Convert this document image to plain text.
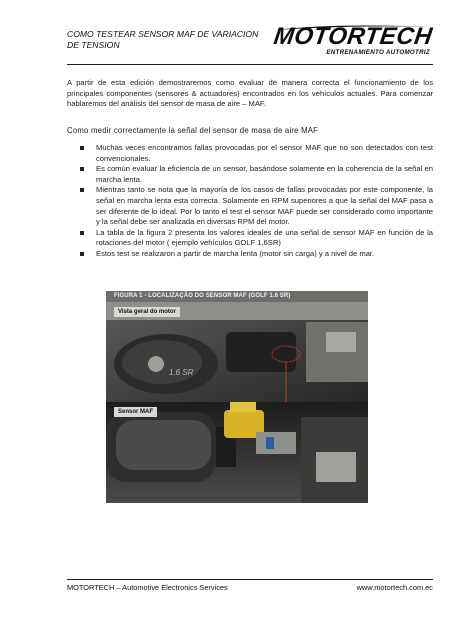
COMO TESTEAR SENSOR MAF DE VARIACION
DE TENSION	MOTORTECH
ENTRENAMIENTO AUTOMOTRIZ

A partir de esta edición demostraremos como evaluar de manera correcta el funcionamiento de los principales componentes (sensores & actuadores) encontrados en los vehículos actuales. Para comenzar hablaremos del análisis del sensor de masa de aire – MAF.

Como medir correctamente la señal del sensor de masa de aire MAF
Muchas veces encontramos fallas provocadas por el sensor MAF que no son detectados con test convencionales.
Es común evaluar la eficiencia de un sensor, basándose solamente en la coherencia de la señal en marcha lenta.
Mientras tanto se nota que la mayoría de los casos de fallas provocadas por este componente, la señal en marcha lenta esta correcta. Solamente en RPM superiores a que la señal del MAF pasa a ser diferente de lo ideal. Por lo tanto el test el sensor MAF puede ser considerado como importante y la señal debe ser analizada en diversas RPM del motor.
La tabla de la figura 2 presenta los valores ideales de una señal de sensor MAF en función de la rotaciones del motor ( ejemplo vehículos GOLF 1.6SR)
Estos test se realizaron a partir de marcha lenta (motor sin carga) y a nivel de mar.
FIGURA 1 - LOCALIZAÇÃO DO SENSOR MAF (GOLF 1.6 SR)
1.6 SR
Vista geral do motor
Sensor MAF
MOTORTECH – Automotive Electronics Services	www.motortech.com.ec
